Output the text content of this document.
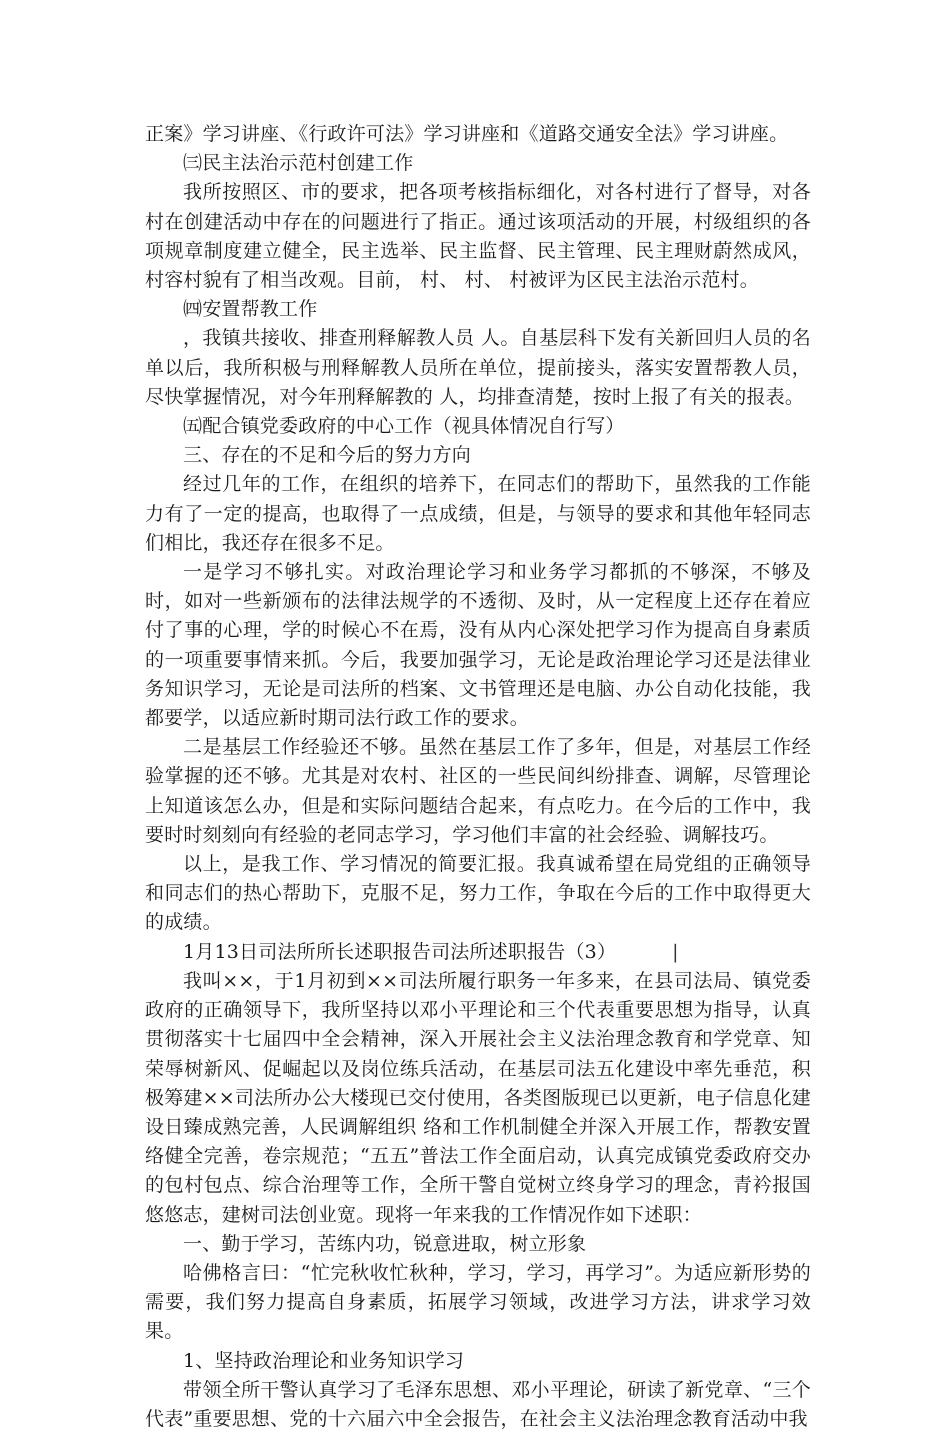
正案》学习讲座、《行政许可法》学习讲座和《道路交通安全法》学习讲座。

㈢民主法治示范村创建工作

我所按照区、市的要求，把各项考核指标细化，对各村进行了督导，对各村在创建活动中存在的问题进行了指正。通过该项活动的开展，村级组织的各项规章制度建立健全，民主选举、民主监督、民主管理、民主理财蔚然成风，村容村貌有了相当改观。目前， 村、 村、 村被评为区民主法治示范村。

㈣安置帮教工作

，我镇共接收、排查刑释解教人员 人。自基层科下发有关新回归人员的名单以后，我所积极与刑释解教人员所在单位，提前接头，落实安置帮教人员，尽快掌握情况，对今年刑释解教的 人，均排查清楚，按时上报了有关的报表。

㈤配合镇党委政府的中心工作（视具体情况自行写）

三、存在的不足和今后的努力方向

经过几年的工作，在组织的培养下，在同志们的帮助下，虽然我的工作能力有了一定的提高，也取得了一点成绩，但是，与领导的要求和其他年轻同志们相比，我还存在很多不足。

一是学习不够扎实。对政治理论学习和业务学习都抓的不够深，不够及时，如对一些新颁布的法律法规学的不透彻、及时，从一定程度上还存在着应付了事的心理，学的时候心不在焉，没有从内心深处把学习作为提高自身素质的一项重要事情来抓。今后，我要加强学习，无论是政治理论学习还是法律业务知识学习，无论是司法所的档案、文书管理还是电脑、办公自动化技能，我都要学，以适应新时期司法行政工作的要求。

二是基层工作经验还不够。虽然在基层工作了多年，但是，对基层工作经验掌握的还不够。尤其是对农村、社区的一些民间纠纷排查、调解，尽管理论上知道该怎么办，但是和实际问题结合起来，有点吃力。在今后的工作中，我要时时刻刻向有经验的老同志学习，学习他们丰富的社会经验、调解技巧。

以上，是我工作、学习情况的简要汇报。我真诚希望在局党组的正确领导和同志们的热心帮助下，克服不足，努力工作，争取在今后的工作中取得更大的成绩。

1月13日司法所所长述职报告司法所述职报告（3）	|

我叫××，于1月初到××司法所履行职务一年多来，在县司法局、镇党委政府的正确领导下，我所坚持以邓小平理论和三个代表重要思想为指导，认真贯彻落实十七届四中全会精神，深入开展社会主义法治理念教育和学党章、知荣辱树新风、促崛起以及岗位练兵活动，在基层司法五化建设中率先垂范，积极筹建××司法所办公大楼现已交付使用，各类图版现已以更新，电子信息化建设日臻成熟完善，人民调解组织 络和工作机制健全并深入开展工作，帮教安置 络健全完善，卷宗规范；“五五”普法工作全面启动，认真完成镇党委政府交办的包村包点、综合治理等工作，全所干警自觉树立终身学习的理念，青衿报国悠悠志，建树司法创业宽。现将一年来我的工作情况作如下述职：

一、勤于学习，苦练内功，锐意进取，树立形象

哈佛格言曰：“忙完秋收忙秋种，学习，学习，再学习”。为适应新形势的需要，我们努力提高自身素质，拓展学习领域，改进学习方法，讲求学习效果。

1、坚持政治理论和业务知识学习

带领全所干警认真学习了毛泽东思想、邓小平理论，研读了新党章、“三个代表”重要思想、党的十六届六中全会报告，在社会主义法治理念教育活动中我
